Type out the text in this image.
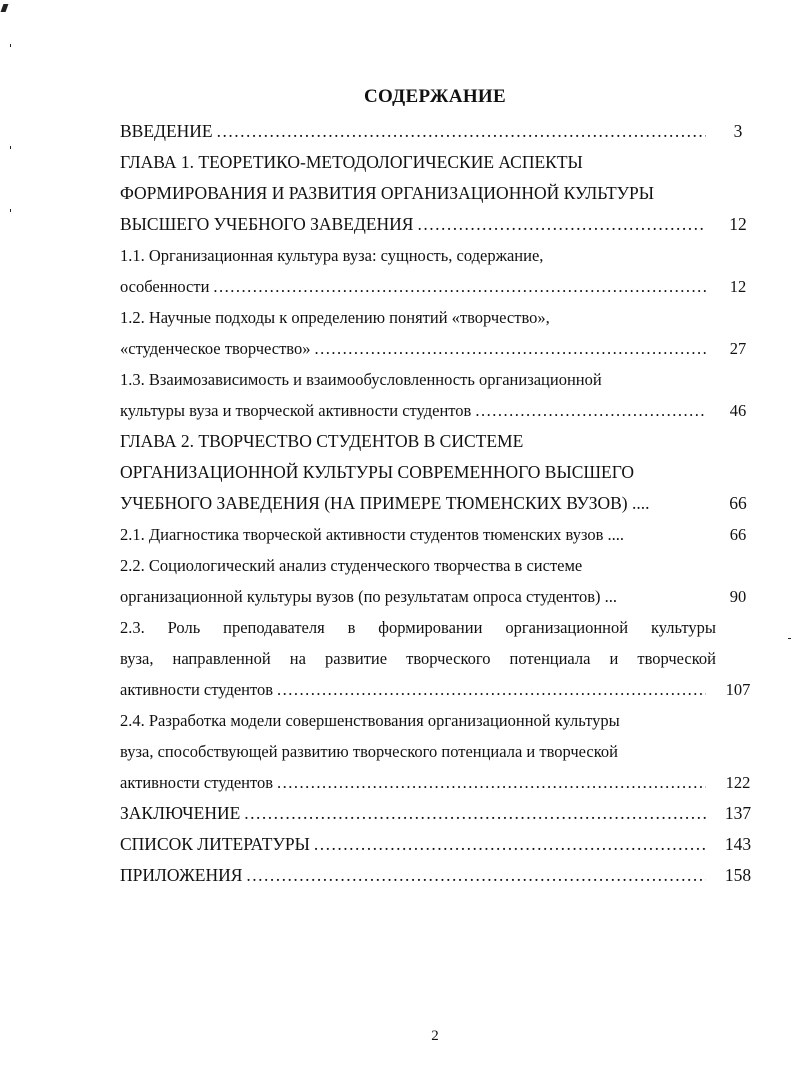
СОДЕРЖАНИЕ
ВВЕДЕНИЕ .....	3
ГЛАВА 1. ТЕОРЕТИКО-МЕТОДОЛОГИЧЕСКИЕ АСПЕКТЫ
ФОРМИРОВАНИЯ И РАЗВИТИЯ ОРГАНИЗАЦИОННОЙ КУЛЬТУРЫ
ВЫСШЕГО УЧЕБНОГО ЗАВЕДЕНИЯ .....	12
1.1. Организационная культура вуза: сущность, содержание,
особенности .....	12
1.2. Научные подходы к определению понятий «творчество»,
«студенческое творчество» .....	27
1.3. Взаимозависимость и взаимообусловленность организационной
культуры вуза и творческой активности студентов .....	46
ГЛАВА 2. ТВОРЧЕСТВО СТУДЕНТОВ В СИСТЕМЕ
ОРГАНИЗАЦИОННОЙ КУЛЬТУРЫ СОВРЕМЕННОГО ВЫСШЕГО
УЧЕБНОГО ЗАВЕДЕНИЯ (НА ПРИМЕРЕ ТЮМЕНСКИХ ВУЗОВ) ....	66
2.1. Диагностика творческой активности студентов тюменских вузов ....	66
2.2. Социологический анализ студенческого творчества в системе
организационной культуры вузов (по результатам опроса студентов) ...	90
2.3. Роль преподавателя в формировании организационной культуры
вуза, направленной на развитие творческого потенциала и творческой
активности студентов .....	107
2.4. Разработка модели совершенствования организационной культуры
вуза, способствующей развитию творческого потенциала и творческой
активности студентов .....	122
ЗАКЛЮЧЕНИЕ .....	137
СПИСОК ЛИТЕРАТУРЫ .....	143
ПРИЛОЖЕНИЯ .....	158
2
